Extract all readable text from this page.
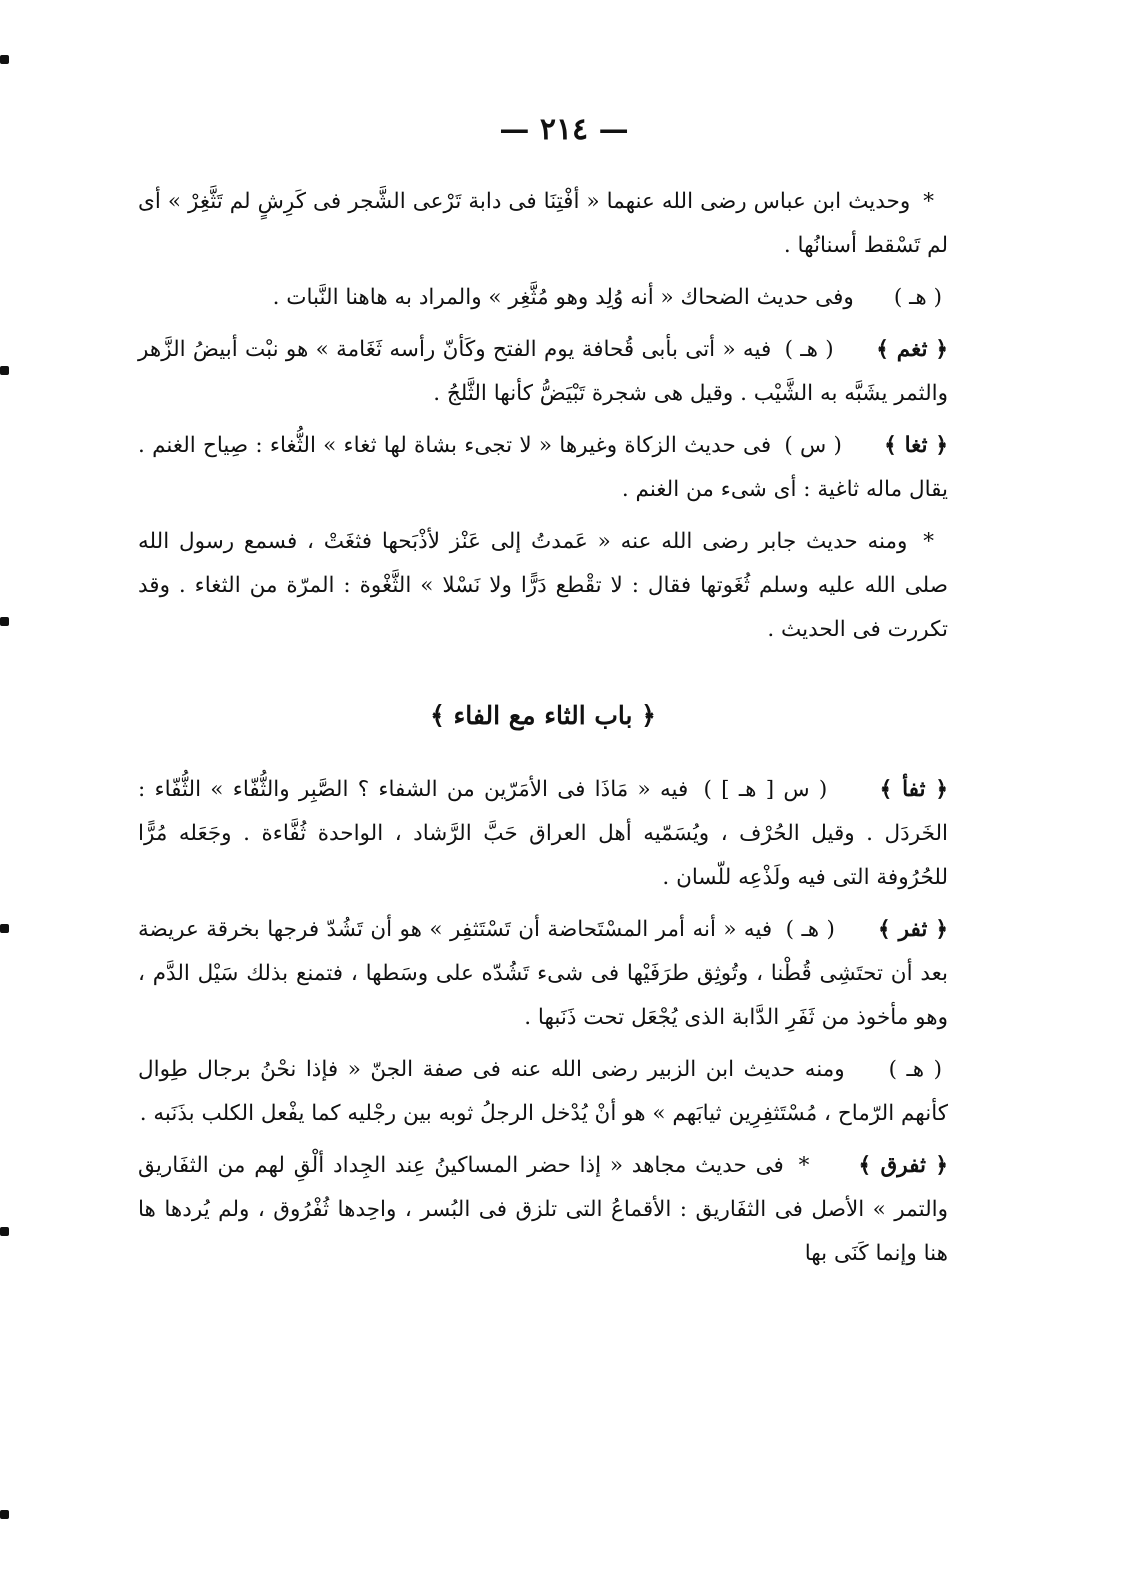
— ٢١٤ —

* وحديث ابن عباس رضى الله عنهما « أفْتِنَا فى دابة تَرْعى الشَّجر فى كَرِشٍ لم تَثَّغِرْ » أى لم تَسْقط أسنانُها .

( هـ )     وفى حديث الضحاك « أنه وُلِد وهو مُثَّغِر » والمراد به هاهنا النَّبات .

﴿ ثغم ﴾     ( هـ ) فيه « أتى بأبى قُحافة يوم الفتح وكَأنّ رأسه ثَغَامة » هو نبْت أبيضُ الزَّهر والثمر يشَبَّه به الشَّيْب . وقيل هى شجرة تَبْيَضُّ كأنها الثَّلجُ .

﴿ ثغا ﴾     ( س ) فى حديث الزكاة وغيرها « لا تجىء بشاة لها ثغاء » الثُّغاء : صِياح الغنم . يقال ماله ثاغية : أى شىء من الغنم .

* ومنه حديث جابر رضى الله عنه « عَمدتُ إلى عَنْز لأذْبَحها فثغَتْ ، فسمع رسول الله صلى الله عليه وسلم ثُغَوتها فقال : لا تقْطع دَرًّا ولا نَسْلا » الثَّغْوة : المرّة من الثغاء . وقد تكررت فى الحديث .

﴿ باب الثاء مع الفاء ﴾

﴿ ثفأ ﴾     ( س [ هـ ] ) فيه « مَاذَا فى الأمَرّين من الشفاء ؟ الصَّبِر والثُّفّاء » الثُّفّاء : الخَردَل . وقيل الحُرْف ، ويُسَمّيه أهل العراق حَبَّ الرَّشاد ، الواحدة ثُفَّاءة . وجَعَله مُرًّا للحُرُوفة التى فيه ولَذْعِه للّسان .

﴿ ثفر ﴾     ( هـ ) فيه « أنه أمر المسْتَحاضة أن تَسْتَثفِر » هو أن تَشُدّ فرجها بخرقة عريضة بعد أن تحتَشِى قُطْنا ، وتُوثِق طرَفَيْها فى شىء تَشُدّه على وسَطها ، فتمنع بذلك سَيْل الدَّم ، وهو مأخوذ من ثَفَرِ الدَّابة الذى يُجْعَل تحت ذَنَبها .

( هـ )    ومنه حديث ابن الزبير رضى الله عنه فى صفة الجنّ « فإذا نحْنُ برجال طِوال كأنهم الرّماح ، مُسْتَثفِرِين ثيابَهم » هو أنْ يُدْخل الرجلُ ثوبه بين رجْليه كما يفْعل الكلب بذَنَبه .

﴿ ثفرق ﴾    * فى حديث مجاهد « إذا حضر المساكينُ عِند الجِداد ألْقِ لهم من الثفَاريق والتمر » الأصل فى الثفَاريق : الأقماعُ التى تلزق فى البُسر ، واحِدها ثُفْرُوق ، ولم يُردها ها هنا وإنما كَنَى بها
